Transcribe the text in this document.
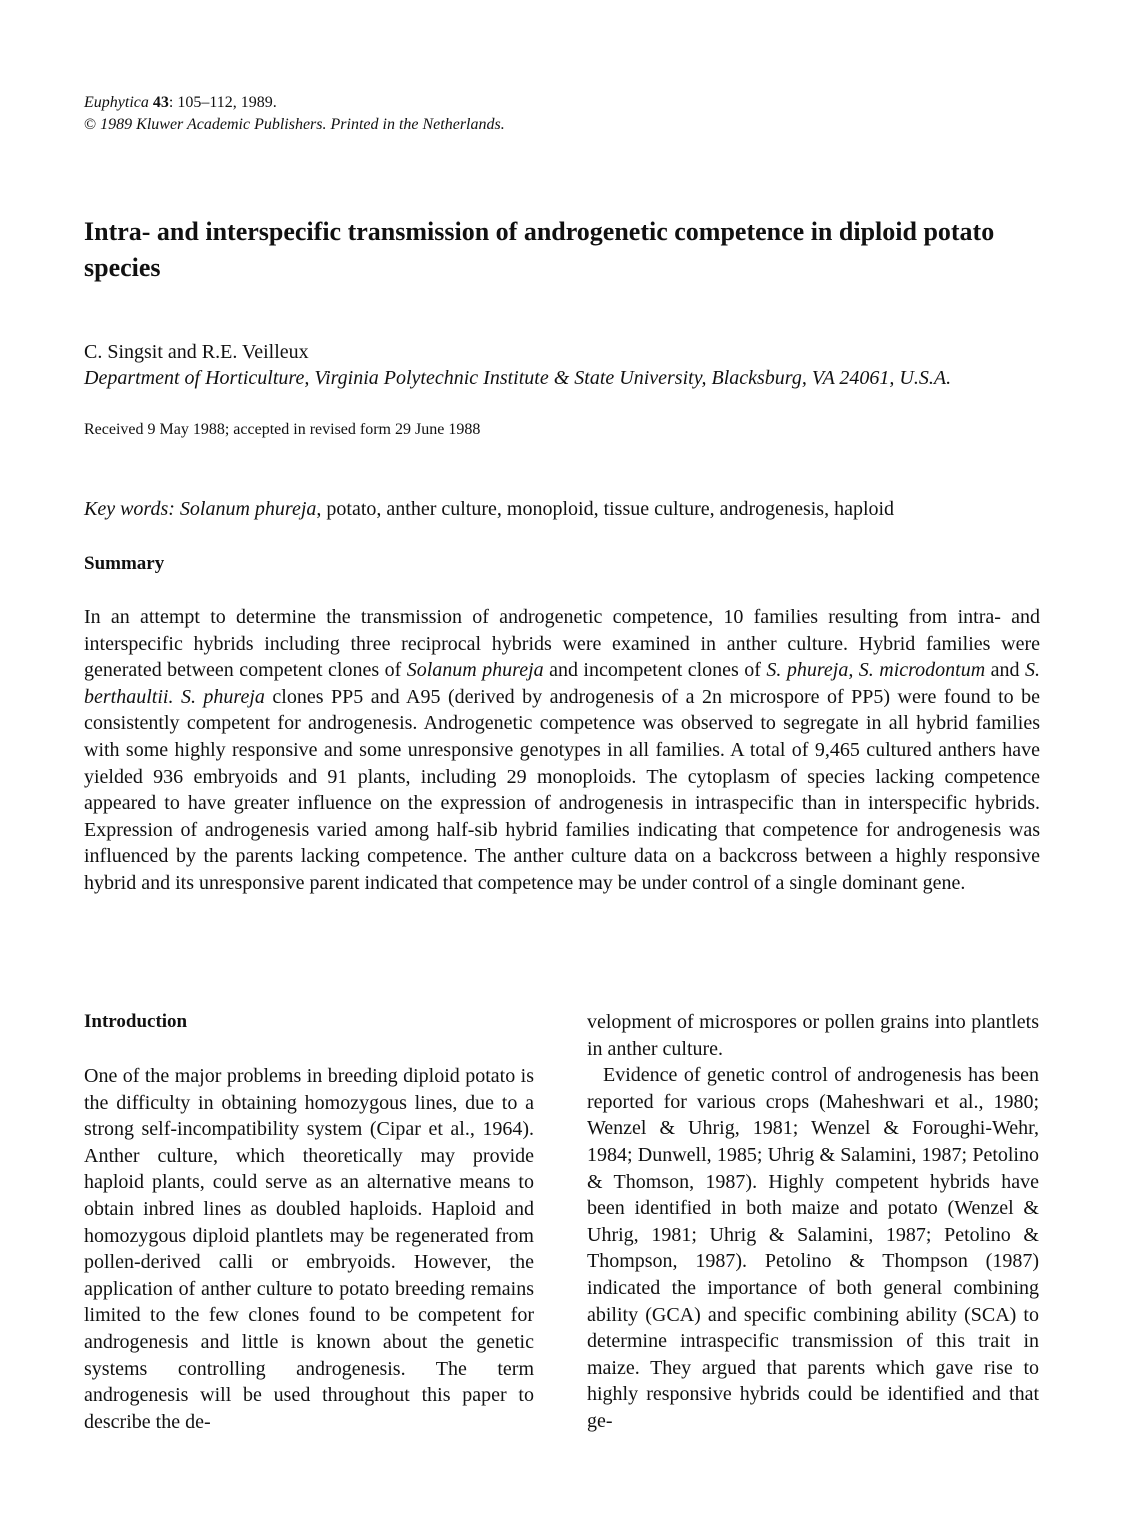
Euphytica 43: 105–112, 1989.
© 1989 Kluwer Academic Publishers. Printed in the Netherlands.
Intra- and interspecific transmission of androgenetic competence in diploid potato species
C. Singsit and R.E. Veilleux
Department of Horticulture, Virginia Polytechnic Institute & State University, Blacksburg, VA 24061, U.S.A.
Received 9 May 1988; accepted in revised form 29 June 1988
Key words: Solanum phureja, potato, anther culture, monoploid, tissue culture, androgenesis, haploid
Summary

In an attempt to determine the transmission of androgenetic competence, 10 families resulting from intra- and interspecific hybrids including three reciprocal hybrids were examined in anther culture. Hybrid families were generated between competent clones of Solanum phureja and incompetent clones of S. phureja, S. microdontum and S. berthaultii. S. phureja clones PP5 and A95 (derived by androgenesis of a 2n microspore of PP5) were found to be consistently competent for androgenesis. Androgenetic competence was observed to segregate in all hybrid families with some highly responsive and some unresponsive genotypes in all families. A total of 9,465 cultured anthers have yielded 936 embryoids and 91 plants, including 29 monoploids. The cytoplasm of species lacking competence appeared to have greater influence on the expression of androgenesis in intraspecific than in interspecific hybrids. Expression of androgenesis varied among half-sib hybrid families indicating that competence for androgenesis was influenced by the parents lacking competence. The anther culture data on a backcross between a highly responsive hybrid and its unresponsive parent indicated that competence may be under control of a single dominant gene.

Introduction

One of the major problems in breeding diploid potato is the difficulty in obtaining homozygous lines, due to a strong self-incompatibility system (Cipar et al., 1964). Anther culture, which theoretically may provide haploid plants, could serve as an alternative means to obtain inbred lines as doubled haploids. Haploid and homozygous diploid plantlets may be regenerated from pollen-derived calli or embryoids. However, the application of anther culture to potato breeding remains limited to the few clones found to be competent for androgenesis and little is known about the genetic systems controlling androgenesis. The term androgenesis will be used throughout this paper to describe the de-

velopment of microspores or pollen grains into plantlets in anther culture.

Evidence of genetic control of androgenesis has been reported for various crops (Maheshwari et al., 1980; Wenzel & Uhrig, 1981; Wenzel & Foroughi-Wehr, 1984; Dunwell, 1985; Uhrig & Salamini, 1987; Petolino & Thomson, 1987). Highly competent hybrids have been identified in both maize and potato (Wenzel & Uhrig, 1981; Uhrig & Salamini, 1987; Petolino & Thompson, 1987). Petolino & Thompson (1987) indicated the importance of both general combining ability (GCA) and specific combining ability (SCA) to determine intraspecific transmission of this trait in maize. They argued that parents which gave rise to highly responsive hybrids could be identified and that ge-
